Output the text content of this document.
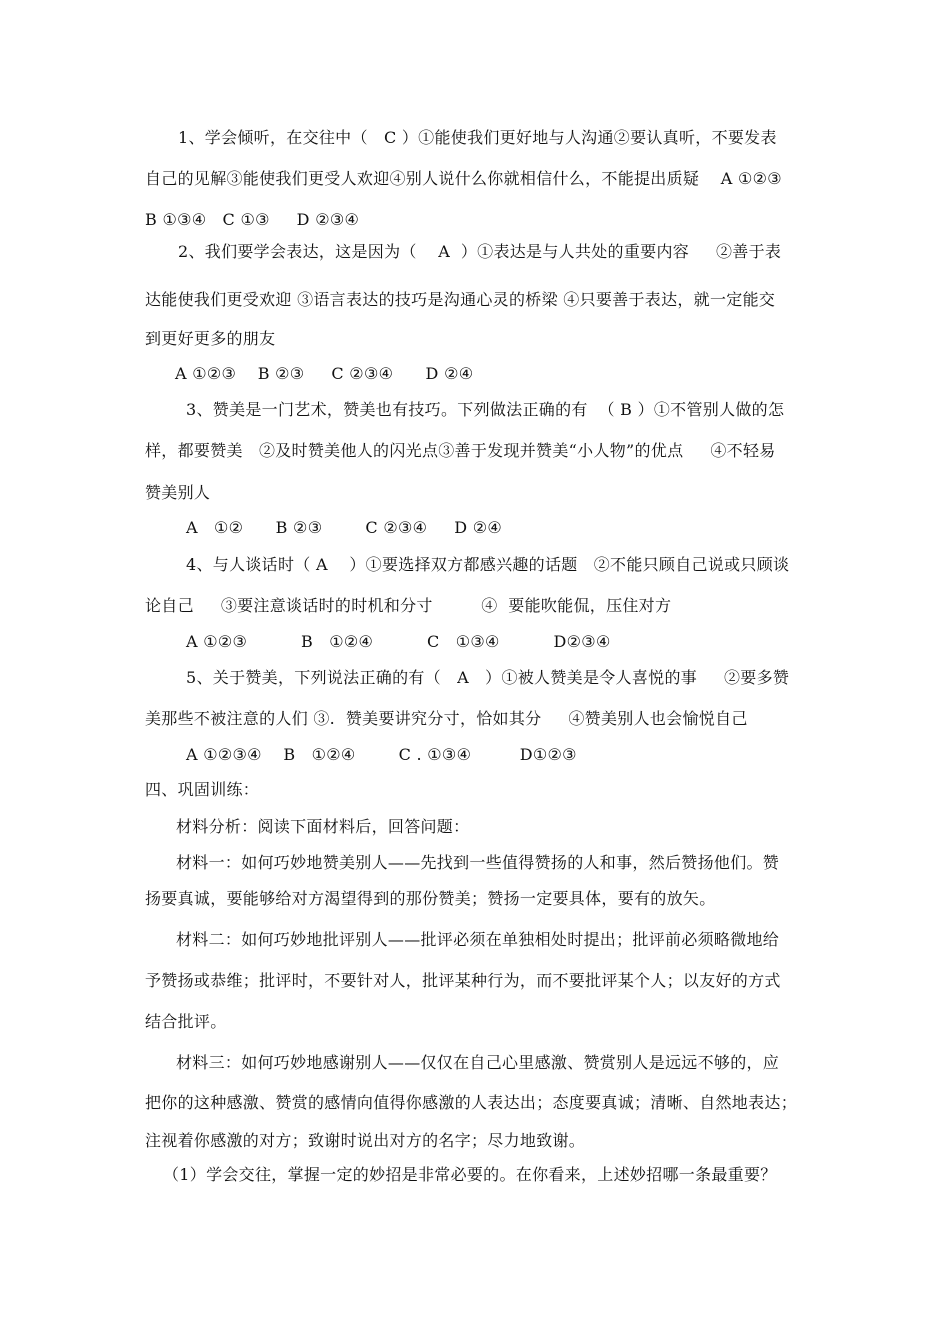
1、学会倾听，在交往中（   C ）①能使我们更好地与人沟通②要认真听，不要发表
自己的见解③能使我们更受人欢迎④别人说什么你就相信什么，不能提出质疑    A ①②③
B ①③④   C ①③     D ②③④
2、我们要学会表达，这是因为（    A  ）①表达是与人共处的重要内容     ②善于表
达能使我们更受欢迎 ③语言表达的技巧是沟通心灵的桥梁 ④只要善于表达，就一定能交
到更好更多的朋友
A ①②③    B ②③     C ②③④      D ②④
3、赞美是一门艺术，赞美也有技巧。下列做法正确的有  （ B ）①不管别人做的怎
样，都要赞美   ②及时赞美他人的闪光点③善于发现并赞美“小人物”的优点     ④不轻易
赞美别人
A   ①②      B ②③        C ②③④     D ②④
4、与人谈话时（ A    ）①要选择双方都感兴趣的话题   ②不能只顾自己说或只顾谈
论自己     ③要注意谈话时的时机和分寸         ④  要能吹能侃，压住对方
A ①②③          B   ①②④          C   ①③④          D②③④
5、关于赞美，下列说法正确的有（   A   ）①被人赞美是令人喜悦的事     ②要多赞
美那些不被注意的人们 ③.  赞美要讲究分寸，恰如其分     ④赞美别人也会愉悦自己
A ①②③④    B   ①②④        C . ①③④         D①②③
四、巩固训练：
材料分析：阅读下面材料后，回答问题：
材料一：如何巧妙地赞美别人——先找到一些值得赞扬的人和事，然后赞扬他们。赞
扬要真诚，要能够给对方渴望得到的那份赞美；赞扬一定要具体，要有的放矢。
材料二：如何巧妙地批评别人——批评必须在单独相处时提出；批评前必须略微地给
予赞扬或恭维；批评时，不要针对人，批评某种行为，而不要批评某个人；以友好的方式
结合批评。
材料三：如何巧妙地感谢别人——仅仅在自己心里感激、赞赏别人是远远不够的，应
把你的这种感激、赞赏的感情向值得你感激的人表达出；态度要真诚；清晰、自然地表达；
注视着你感激的对方；致谢时说出对方的名字；尽力地致谢。
（1）学会交往，掌握一定的妙招是非常必要的。在你看来，上述妙招哪一条最重要？
